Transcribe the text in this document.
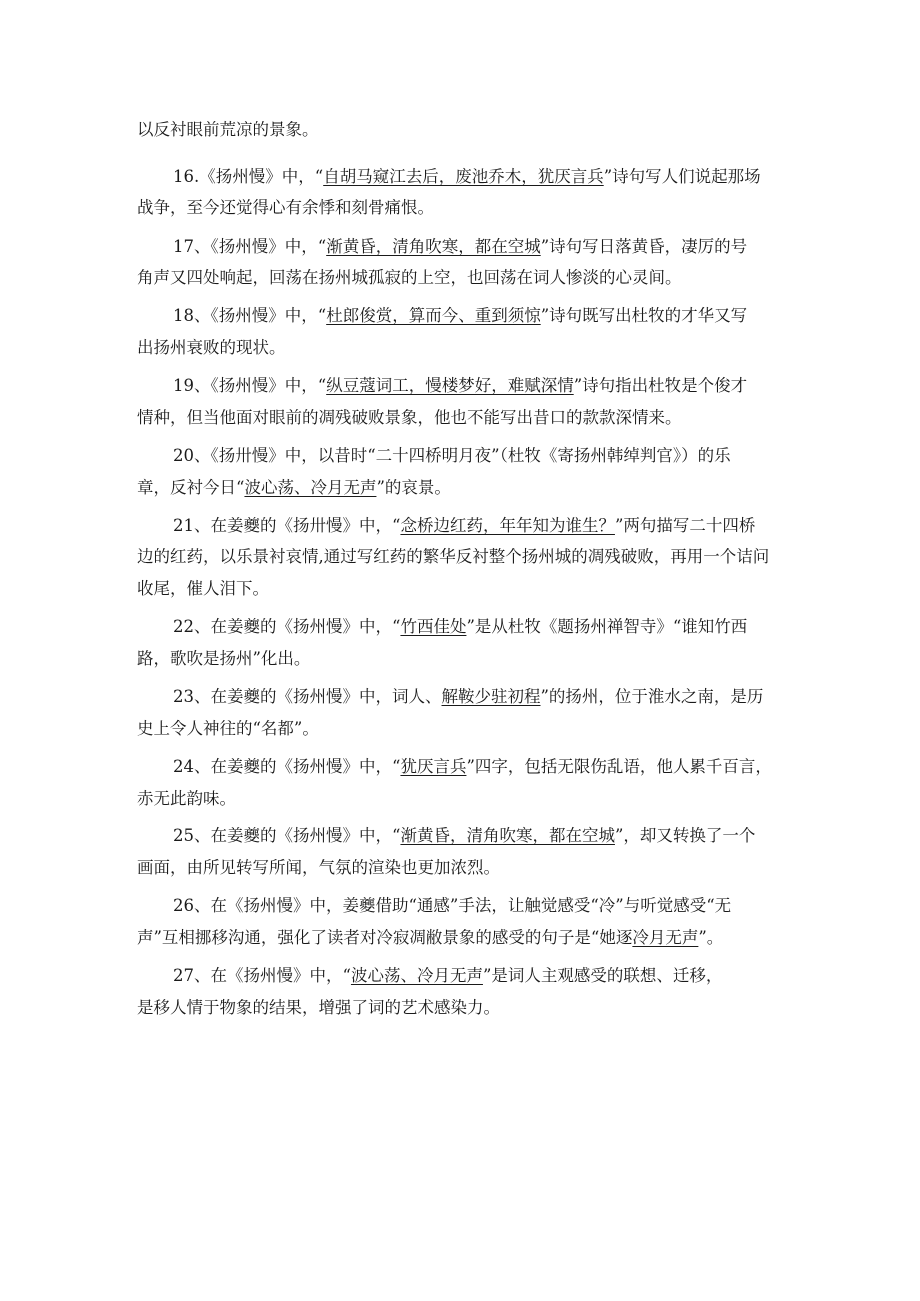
以反衬眼前荒凉的景象。
16.《扬州慢》中，“自胡马窥江去后，废池乔木，犹厌言兵”诗句写人们说起那场
战争，至今还觉得心有余悸和刻骨痛恨。
17、《扬州慢》中，“渐黄昏，清角吹寒，都在空城”诗句写日落黄昏，凄厉的号
角声又四处响起，回荡在扬州城孤寂的上空，也回荡在词人惨淡的心灵间。
18、《扬州慢》中，“杜郎俊赏，算而今、重到须惊”诗句既写出杜牧的才华又写
出扬州衰败的现状。
19、《扬州慢》中，“纵豆蔻词工，慢楼梦好，难赋深情”诗句指出杜牧是个俊才
情种，但当他面对眼前的凋残破败景象，他也不能写出昔口的款款深情来。
20、《扬卅慢》中，以昔时“二十四桥明月夜”（杜牧《寄扬州韩绰判官》）的乐
章，反衬今日“波心荡、冷月无声”的哀景。
21、在姜夔的《扬卅慢》中，“念桥边红药，年年知为谁生？”两句描写二十四桥
边的红药，以乐景衬哀情,通过写红药的繁华反衬整个扬州城的凋残破败，再用一个诘问
收尾，催人泪下。
22、在姜夔的《扬州慢》中，“竹西佳处”是从杜牧《题扬州禅智寺》“谁知竹西
路，歌吹是扬州”化出。
23、在姜夔的《扬州慢》中，词人、解鞍少驻初程”的扬州，位于淮水之南，是历
史上令人神往的“名都”。
24、在姜夔的《扬州慢》中，“犹厌言兵”四字，包括无限伤乱语，他人累千百言，
赤无此韵味。
25、在姜夔的《扬州慢》中，“渐黄昏，清角吹寒，都在空城”，却又转换了一个
画面，由所见转写所闻，气氛的渲染也更加浓烈。
26、在《扬州慢》中，姜夔借助“通感”手法，让触觉感受“冷”与听觉感受“无
声”互相挪移沟通，强化了读者对冷寂凋敝景象的感受的句子是“她逐冷月无声”。
27、在《扬州慢》中，“波心荡、冷月无声”是词人主观感受的联想、迁移，
是移人情于物象的结果，增强了词的艺术感染力。
